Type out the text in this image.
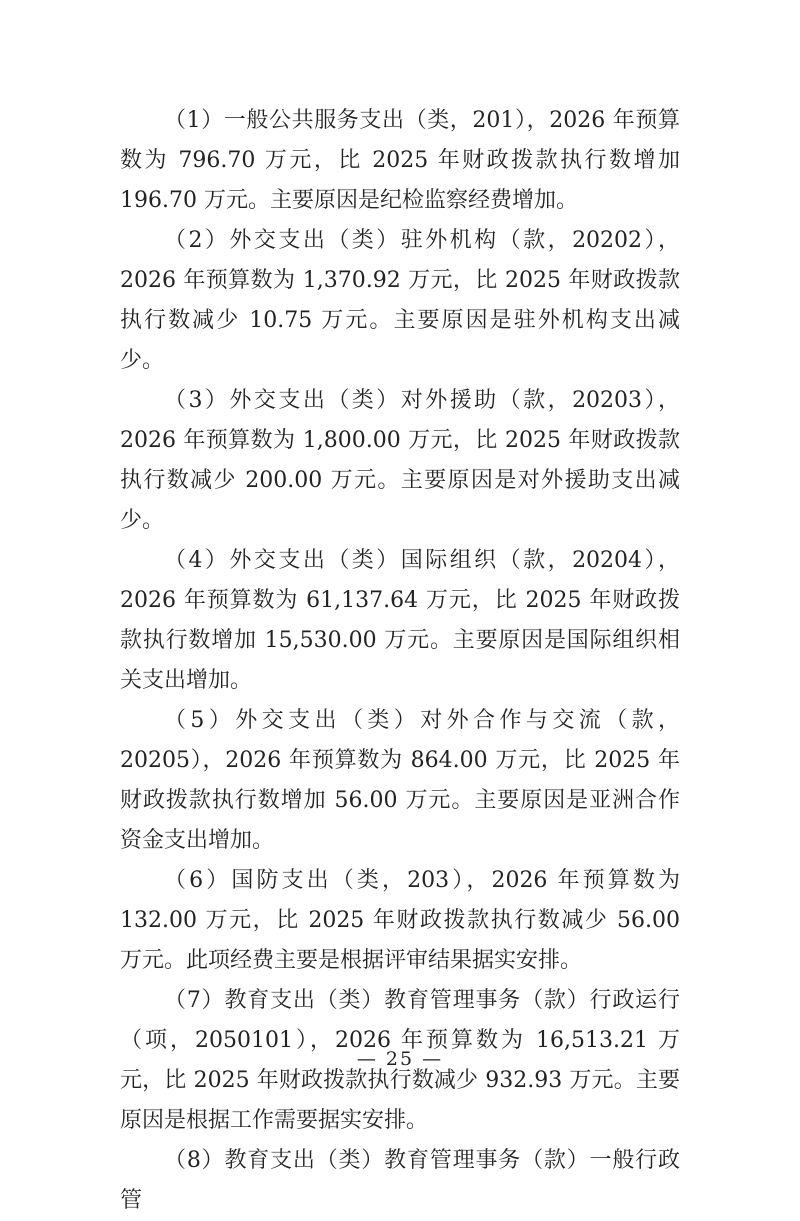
（1）一般公共服务支出（类，201），2026 年预算数为 796.70 万元，比 2025 年财政拨款执行数增加 196.70 万元。主要原因是纪检监察经费增加。

（2）外交支出（类）驻外机构（款，20202），2026 年预算数为 1,370.92 万元，比 2025 年财政拨款执行数减少 10.75 万元。主要原因是驻外机构支出减少。

（3）外交支出（类）对外援助（款，20203），2026 年预算数为 1,800.00 万元，比 2025 年财政拨款执行数减少 200.00 万元。主要原因是对外援助支出减少。

（4）外交支出（类）国际组织（款，20204），2026 年预算数为 61,137.64 万元，比 2025 年财政拨款执行数增加 15,530.00 万元。主要原因是国际组织相关支出增加。

（5）外交支出（类）对外合作与交流（款，20205），2026 年预算数为 864.00 万元，比 2025 年财政拨款执行数增加 56.00 万元。主要原因是亚洲合作资金支出增加。

（6）国防支出（类，203），2026 年预算数为 132.00 万元，比 2025 年财政拨款执行数减少 56.00 万元。此项经费主要是根据评审结果据实安排。

（7）教育支出（类）教育管理事务（款）行政运行（项，2050101），2026 年预算数为 16,513.21 万元，比 2025 年财政拨款执行数减少 932.93 万元。主要原因是根据工作需要据实安排。

（8）教育支出（类）教育管理事务（款）一般行政管

— 25 —
